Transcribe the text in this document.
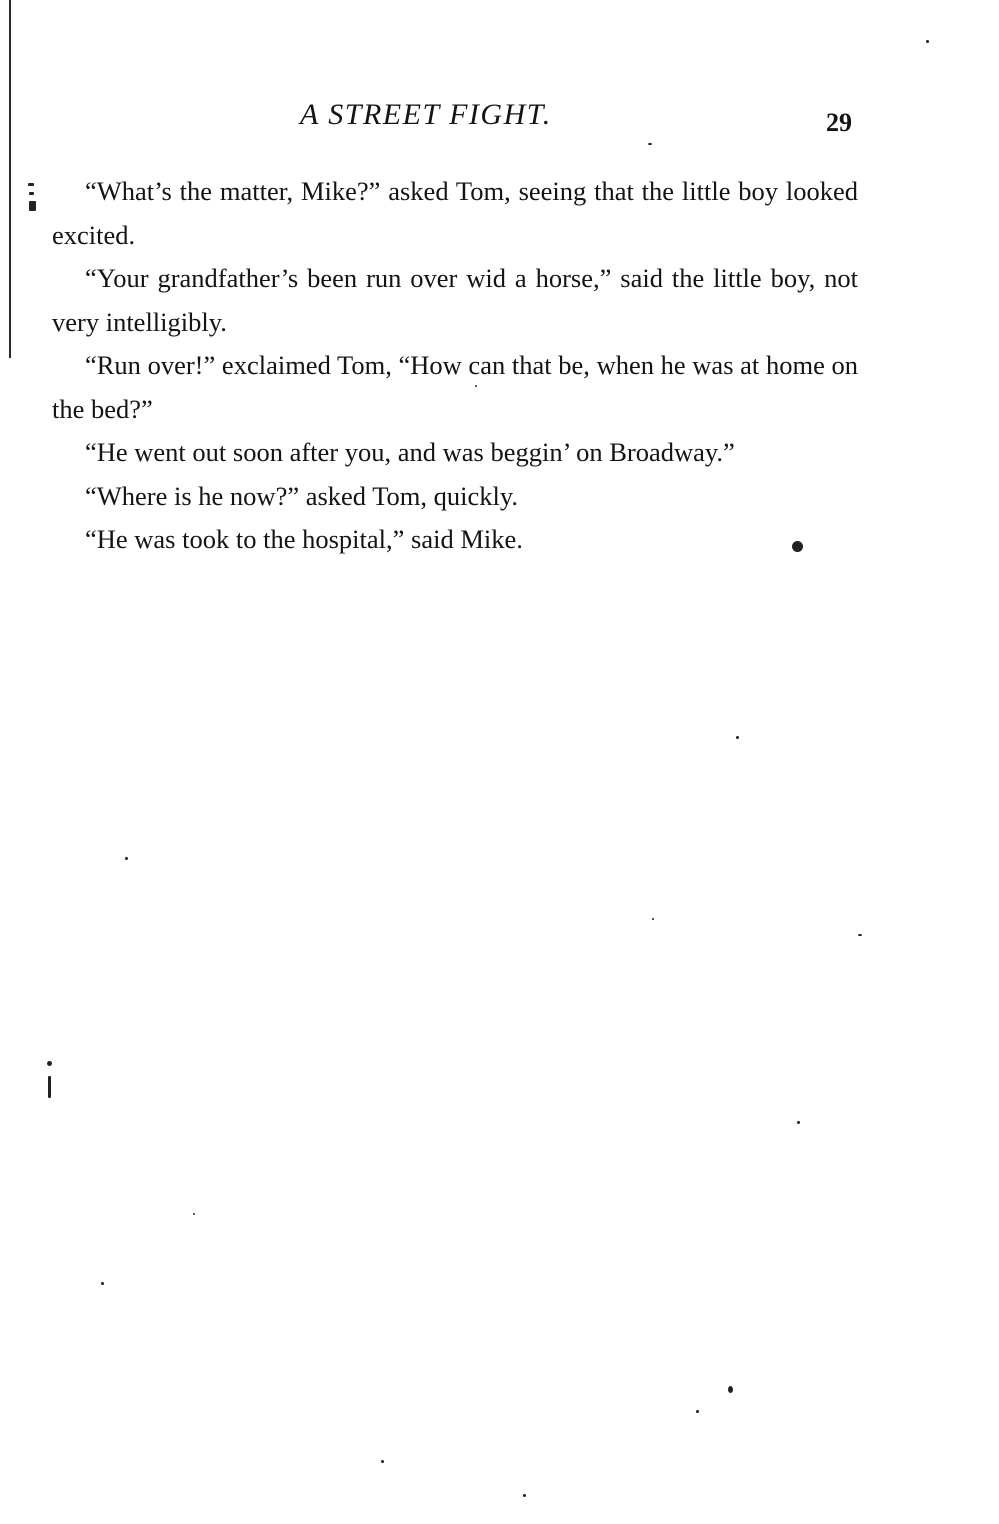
A STREET FIGHT.	29

“What’s the matter, Mike?” asked Tom, seeing that the little boy looked excited.

“Your grandfather’s been run over wid a horse,” said the little boy, not very intelligibly.

“Run over!” exclaimed Tom, “How can that be, when he was at home on the bed?”

“He went out soon after you, and was beggin’ on Broadway.”

“Where is he now?” asked Tom, quickly.

“He was took to the hospital,” said Mike.
